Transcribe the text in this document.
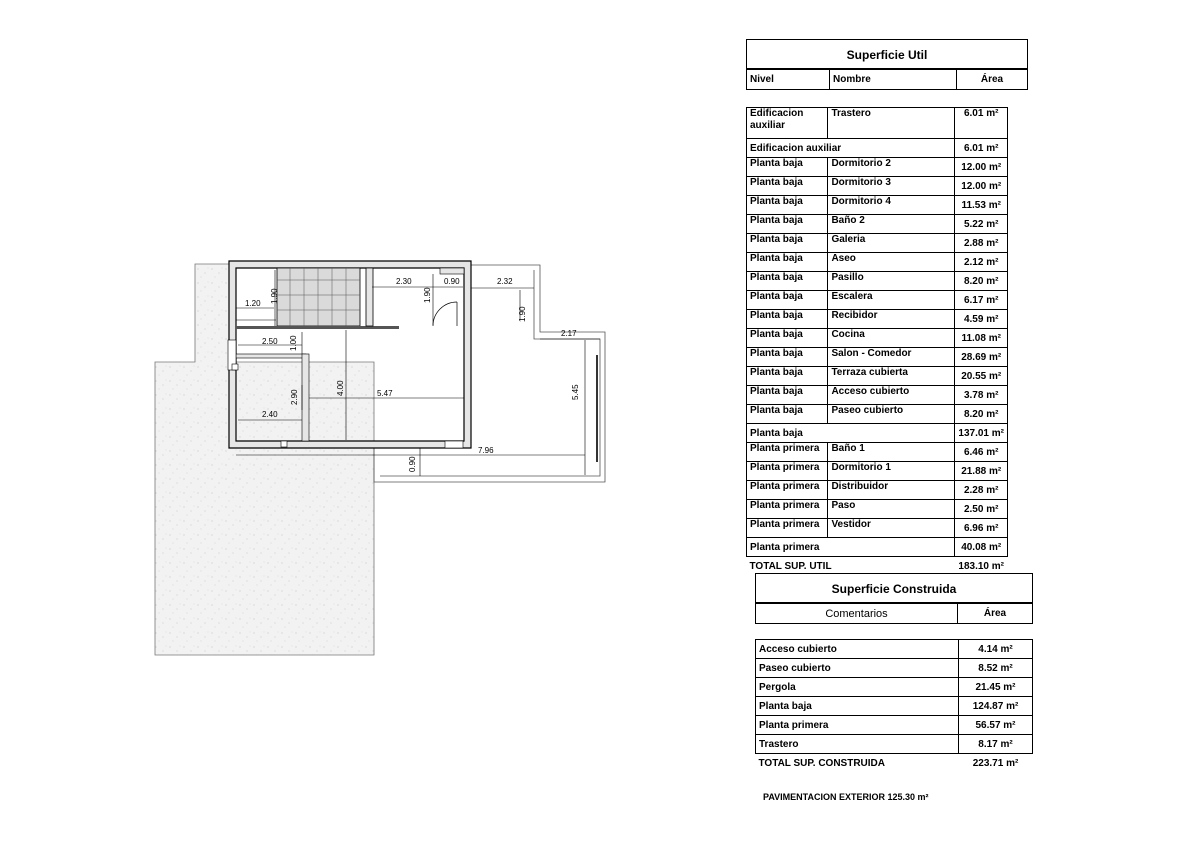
2.30	0.90	2.32
1.90
1.90
1.90
1.20
2.17
2.50 1.00
4.00	5.47	5.45
2.90
2.40
7.96
0.90
Superficie Util
Nivel	Nombre	Área
Edificacion auxiliar	Trastero	6.01 m²
Edificacion auxiliar		6.01 m²
Planta baja	Dormitorio 2	12.00 m²
Planta baja	Dormitorio 3	12.00 m²
Planta baja	Dormitorio 4	11.53 m²
Planta baja	Baño 2	5.22 m²
Planta baja	Galeria	2.88 m²
Planta baja	Aseo	2.12 m²
Planta baja	Pasillo	8.20 m²
Planta baja	Escalera	6.17 m²
Planta baja	Recibidor	4.59 m²
Planta baja	Cocina	11.08 m²
Planta baja	Salon - Comedor	28.69 m²
Planta baja	Terraza cubierta	20.55 m²
Planta baja	Acceso cubierto	3.78 m²
Planta baja	Paseo cubierto	8.20 m²
Planta baja		137.01 m²
Planta primera	Baño 1	6.46 m²
Planta primera	Dormitorio 1	21.88 m²
Planta primera	Distribuidor	2.28 m²
Planta primera	Paso	2.50 m²
Planta primera	Vestidor	6.96 m²
Planta primera		40.08 m²
TOTAL SUP. UTIL		183.10 m²
Superficie Construida
Comentarios	Área
Acceso cubierto	4.14 m²
Paseo cubierto	8.52 m²
Pergola	21.45 m²
Planta baja	124.87 m²
Planta primera	56.57 m²
Trastero	8.17 m²
TOTAL SUP. CONSTRUIDA	223.71 m²
PAVIMENTACION EXTERIOR 125.30 m²
